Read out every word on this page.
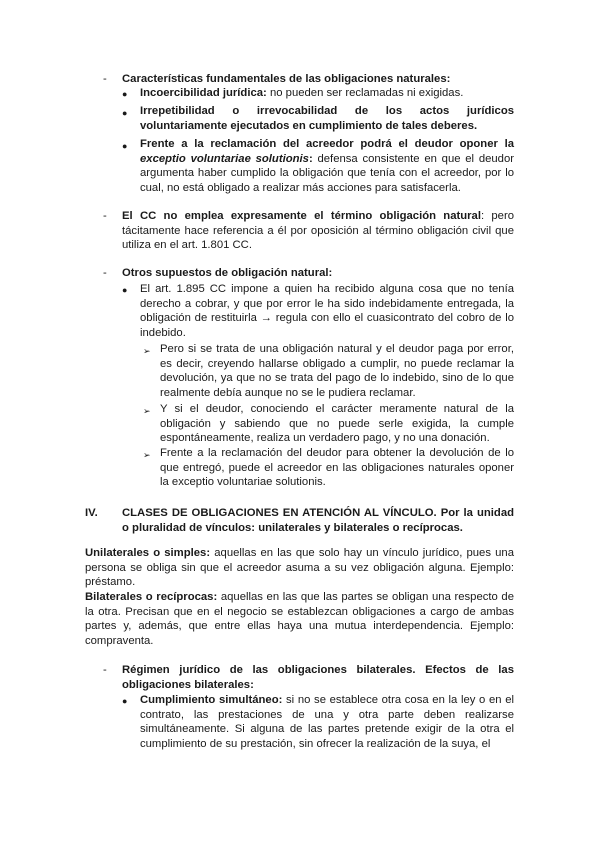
-	Características fundamentales de las obligaciones naturales:

● Incoercibilidad jurídica: no pueden ser reclamadas ni exigidas.

● Irrepetibilidad o irrevocabilidad de los actos jurídicos voluntariamente ejecutados en cumplimiento de tales deberes.

● Frente a la reclamación del acreedor podrá el deudor oponer la exceptio voluntariae solutionis: defensa consistente en que el deudor argumenta haber cumplido la obligación que tenía con el acreedor, por lo cual, no está obligado a realizar más acciones para satisfacerla.

-	El CC no emplea expresamente el término obligación natural: pero tácitamente hace referencia a él por oposición al término obligación civil que utiliza en el art. 1.801 CC.

-	Otros supuestos de obligación natural:

● El art. 1.895 CC impone a quien ha recibido alguna cosa que no tenía derecho a cobrar, y que por error le ha sido indebidamente entregada, la obligación de restituirla → regula con ello el cuasicontrato del cobro de lo indebido.

➢ Pero si se trata de una obligación natural y el deudor paga por error, es decir, creyendo hallarse obligado a cumplir, no puede reclamar la devolución, ya que no se trata del pago de lo indebido, sino de lo que realmente debía aunque no se le pudiera reclamar.

➢ Y si el deudor, conociendo el carácter meramente natural de la obligación y sabiendo que no puede serle exigida, la cumple espontáneamente, realiza un verdadero pago, y no una donación.

➢ Frente a la reclamación del deudor para obtener la devolución de lo que entregó, puede el acreedor en las obligaciones naturales oponer la exceptio voluntariae solutionis.

IV.	CLASES DE OBLIGACIONES EN ATENCIÓN AL VÍNCULO. Por la unidad o pluralidad de vínculos: unilaterales y bilaterales o recíprocas.

Unilaterales o simples: aquellas en las que solo hay un vínculo jurídico, pues una persona se obliga sin que el acreedor asuma a su vez obligación alguna. Ejemplo: préstamo.

Bilaterales o recíprocas: aquellas en las que las partes se obligan una respecto de la otra. Precisan que en el negocio se establezcan obligaciones a cargo de ambas partes y, además, que entre ellas haya una mutua interdependencia. Ejemplo: compraventa.

-	Régimen jurídico de las obligaciones bilaterales. Efectos de las obligaciones bilaterales:

● Cumplimiento simultáneo: si no se establece otra cosa en la ley o en el contrato, las prestaciones de una y otra parte deben realizarse simultáneamente. Si alguna de las partes pretende exigir de la otra el cumplimiento de su prestación, sin ofrecer la realización de la suya, el
